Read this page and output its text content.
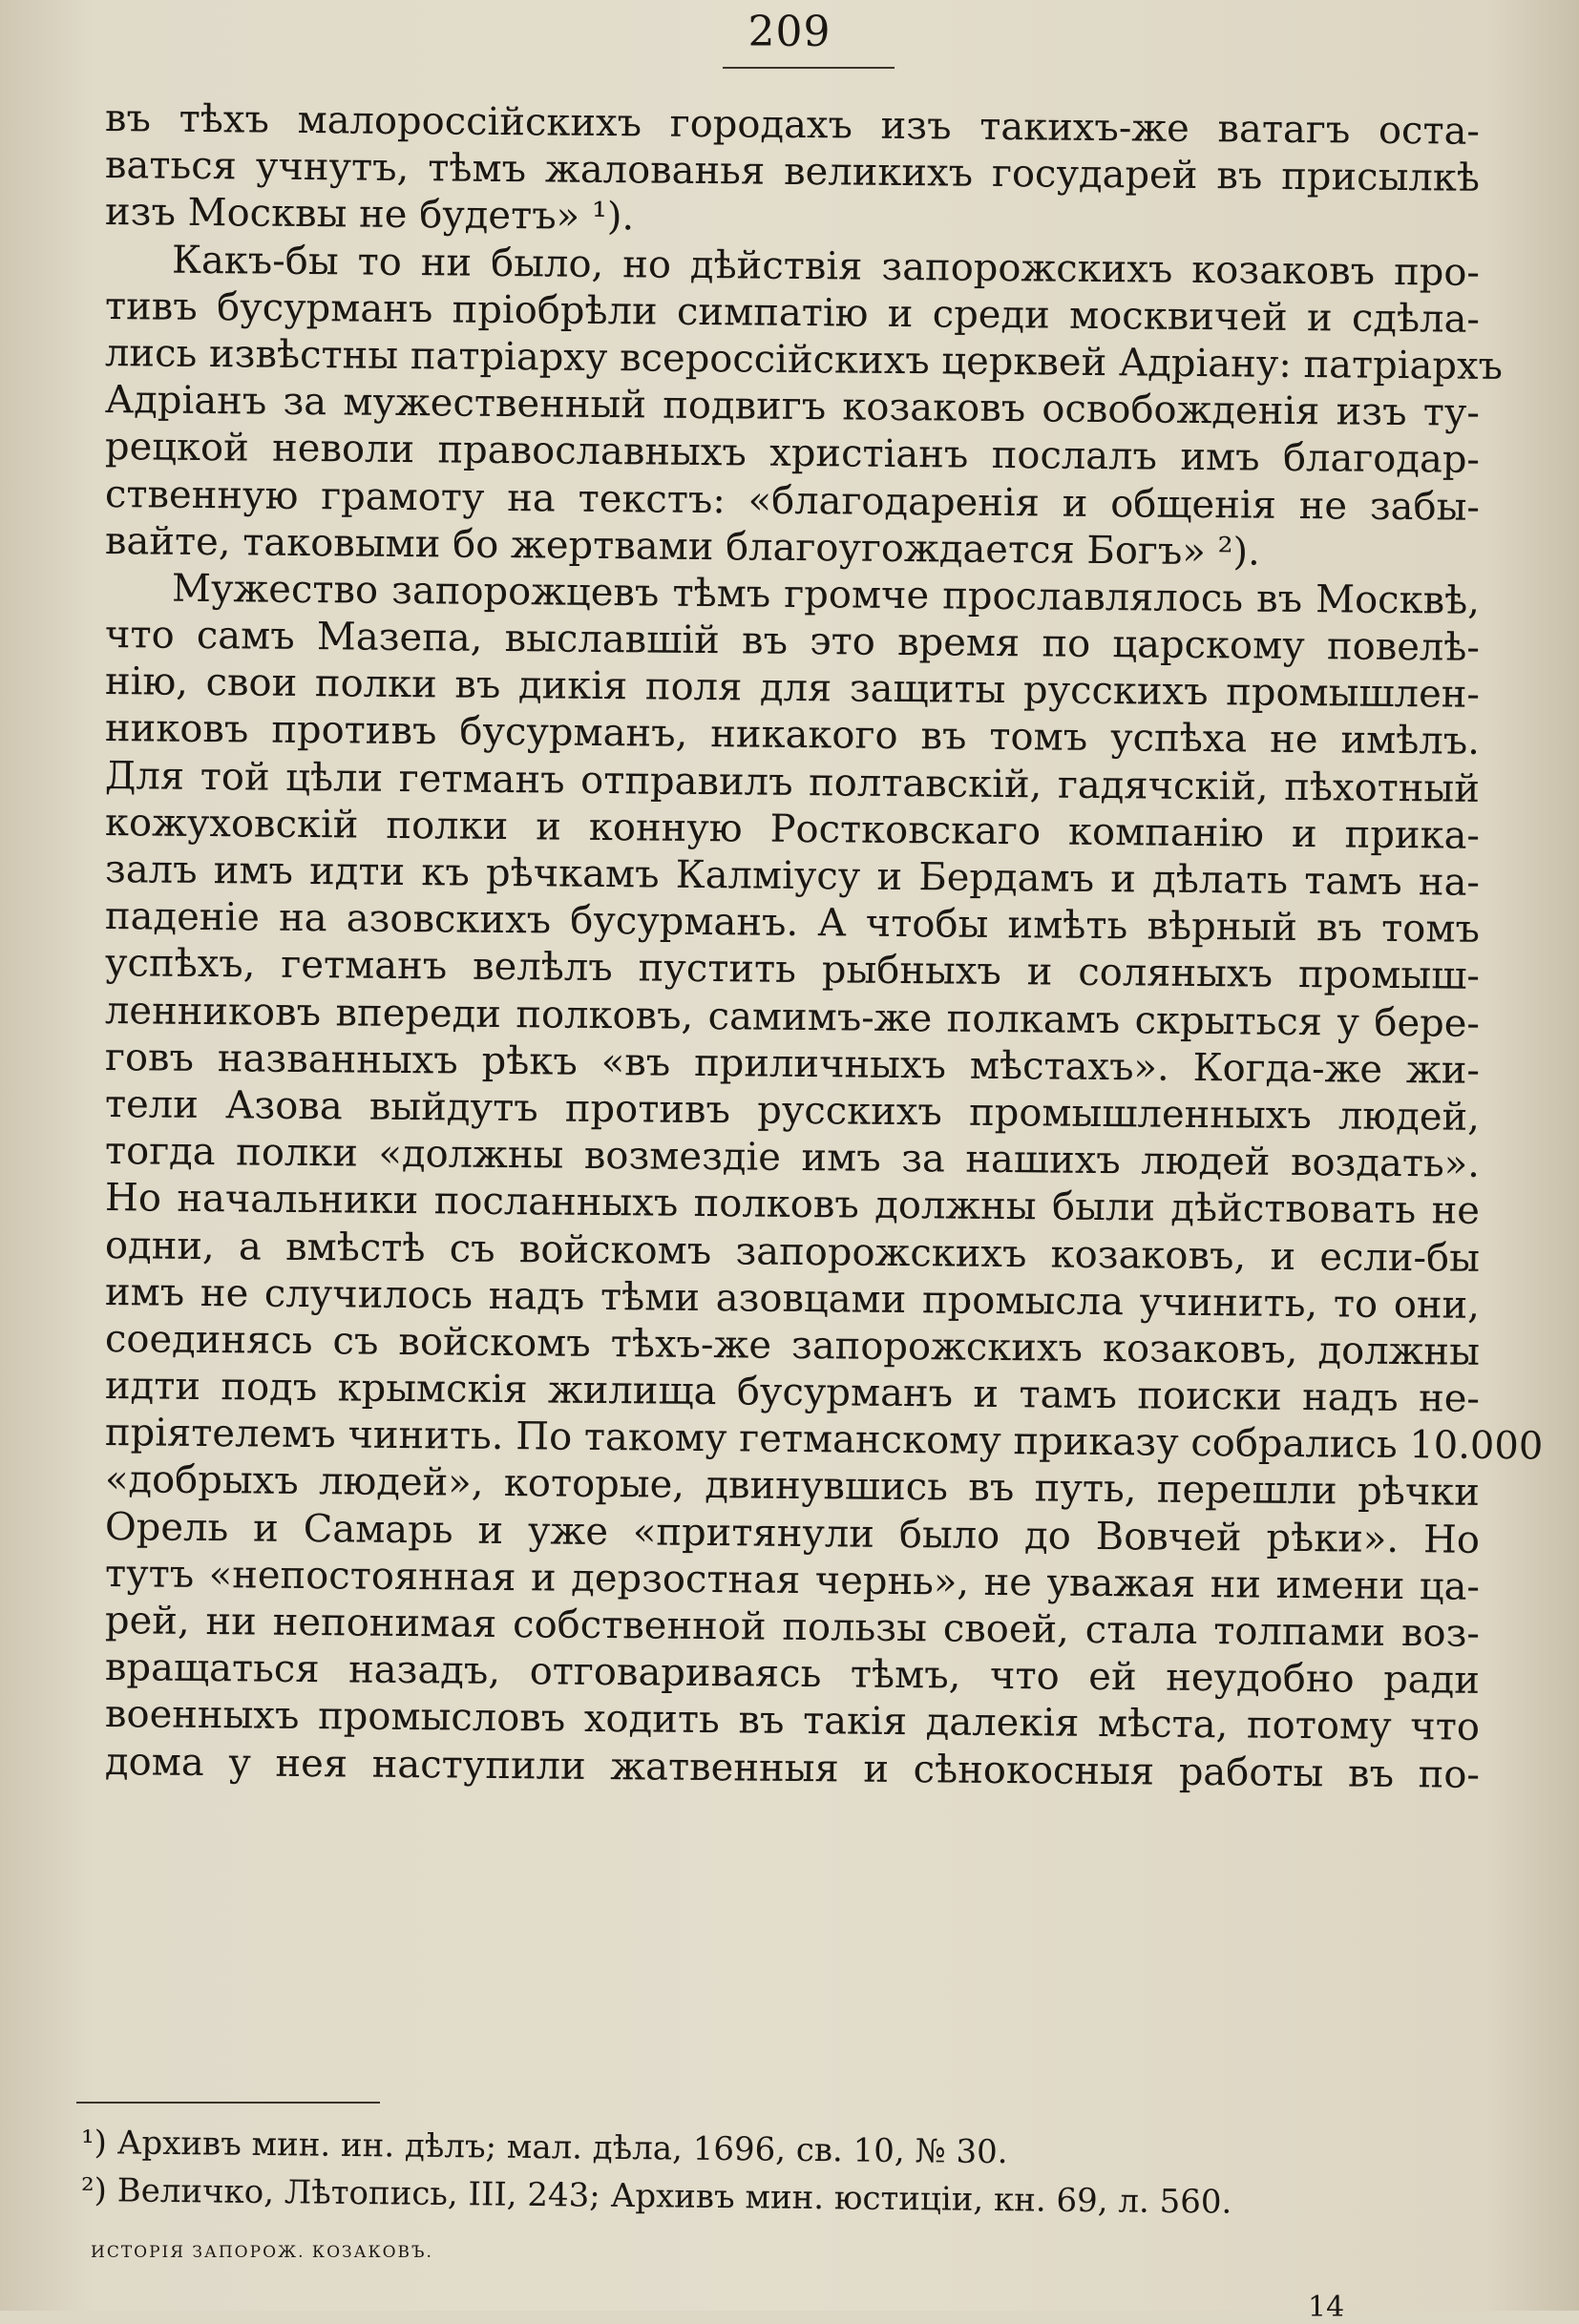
209
въ тѣхъ малороссійскихъ городахъ изъ такихъ-же ватагъ оста-
ваться учнутъ, тѣмъ жалованья великихъ государей въ присылкѣ
изъ Москвы не будетъ» ¹).
Какъ-бы то ни было, но дѣйствія запорожскихъ козаковъ про-
тивъ бусурманъ пріобрѣли симпатію и среди москвичей и сдѣла-
лись извѣстны патріарху всероссійскихъ церквей Адріану: патріархъ
Адріанъ за мужественный подвигъ козаковъ освобожденія изъ ту-
рецкой неволи православныхъ христіанъ послалъ имъ благодар-
ственную грамоту на текстъ: «благодаренія и общенія не забы-
вайте, таковыми бо жертвами благоугождается Богъ» ²).
Мужество запорожцевъ тѣмъ громче прославлялось въ Москвѣ,
что самъ Мазепа, выславшій въ это время по царскому повелѣ-
нію, свои полки въ дикія поля для защиты русскихъ промышлен-
никовъ противъ бусурманъ, никакого въ томъ успѣха не имѣлъ.
Для той цѣли гетманъ отправилъ полтавскій, гадячскій, пѣхотный
кожуховскій полки и конную Ростковскаго компанію и прика-
залъ имъ идти къ рѣчкамъ Калміусу и Бердамъ и дѣлать тамъ на-
паденіе на азовскихъ бусурманъ. А чтобы имѣть вѣрный въ томъ
успѣхъ, гетманъ велѣлъ пустить рыбныхъ и соляныхъ промыш-
ленниковъ впереди полковъ, самимъ-же полкамъ скрыться у бере-
говъ названныхъ рѣкъ «въ приличныхъ мѣстахъ». Когда-же жи-
тели Азова выйдутъ противъ русскихъ промышленныхъ людей,
тогда полки «должны возмездіе имъ за нашихъ людей воздать».
Но начальники посланныхъ полковъ должны были дѣйствовать не
одни, а вмѣстѣ съ войскомъ запорожскихъ козаковъ, и если-бы
имъ не случилось надъ тѣми азовцами промысла учинить, то они,
соединясь съ войскомъ тѣхъ-же запорожскихъ козаковъ, должны
идти подъ крымскія жилища бусурманъ и тамъ поиски надъ не-
пріятелемъ чинить. По такому гетманскому приказу собрались 10.000
«добрыхъ людей», которые, двинувшись въ путь, перешли рѣчки
Орель и Самарь и уже «притянули было до Вовчей рѣки». Но
тутъ «непостоянная и дерзостная чернь», не уважая ни имени ца-
рей, ни непонимая собственной пользы своей, стала толпами воз-
вращаться назадъ, отговариваясь тѣмъ, что ей неудобно ради
военныхъ промысловъ ходить въ такія далекія мѣста, потому что
дома у нея наступили жатвенныя и сѣнокосныя работы въ по-
¹) Архивъ мин. ин. дѣлъ; мал. дѣла, 1696, св. 10, № 30.
²) Величко, Лѣтопись, III, 243; Архивъ мин. юстиціи, кн. 69, л. 560.
ИСТОРІЯ ЗАПОРОЖ. КОЗАКОВЪ.
14
